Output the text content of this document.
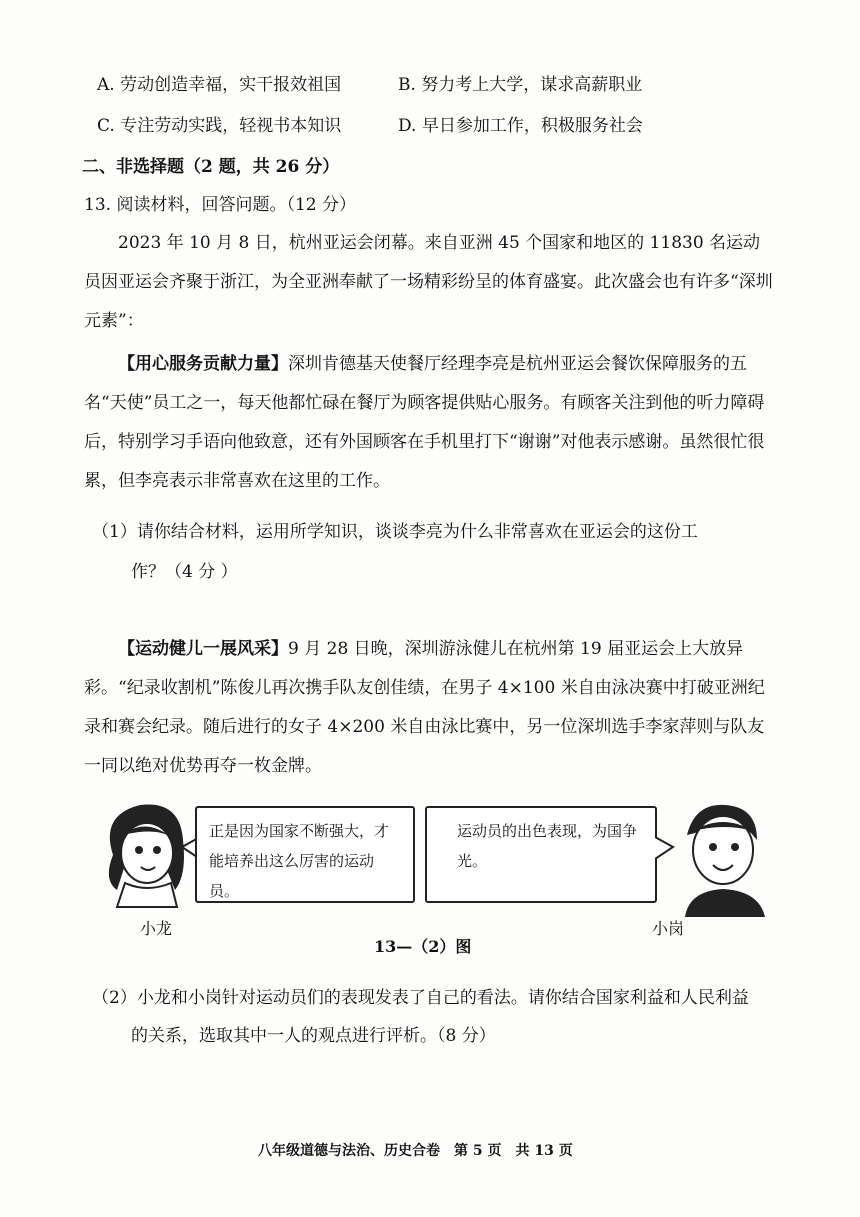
A. 劳动创造幸福，实干报效祖国	B. 努力考上大学，谋求高薪职业
C. 专注劳动实践，轻视书本知识	D. 早日参加工作，积极服务社会
二、非选择题（2 题，共 26 分）
13. 阅读材料，回答问题。（12 分）
2023 年 10 月 8 日，杭州亚运会闭幕。来自亚洲 45 个国家和地区的 11830 名运动员因亚运会齐聚于浙江，为全亚洲奉献了一场精彩纷呈的体育盛宴。此次盛会也有许多“深圳元素”：
【用心服务贡献力量】深圳肯德基天使餐厅经理李亮是杭州亚运会餐饮保障服务的五名“天使”员工之一，每天他都忙碌在餐厅为顾客提供贴心服务。有顾客关注到他的听力障碍后，特别学习手语向他致意，还有外国顾客在手机里打下“谢谢”对他表示感谢。虽然很忙很累，但李亮表示非常喜欢在这里的工作。
（1）请你结合材料，运用所学知识，谈谈李亮为什么非常喜欢在亚运会的这份工
作？（4 分 ）
【运动健儿一展风采】9 月 28 日晚，深圳游泳健儿在杭州第 19 届亚运会上大放异彩。“纪录收割机”陈俊儿再次携手队友创佳绩，在男子 4×100 米自由泳决赛中打破亚洲纪录和赛会纪录。随后进行的女子 4×200 米自由泳比赛中，另一位深圳选手李家萍则与队友一同以绝对优势再夺一枚金牌。
正是因为国家不断强大，才能培养出这么厉害的运动员。
运动员的出色表现，为国争光。
小龙	小岗
13—（2）图
（2）小龙和小岗针对运动员们的表现发表了自己的看法。请你结合国家利益和人民利益
的关系，选取其中一人的观点进行评析。（8 分）
八年级道德与法治、历史合卷　第 5 页　共 13 页
